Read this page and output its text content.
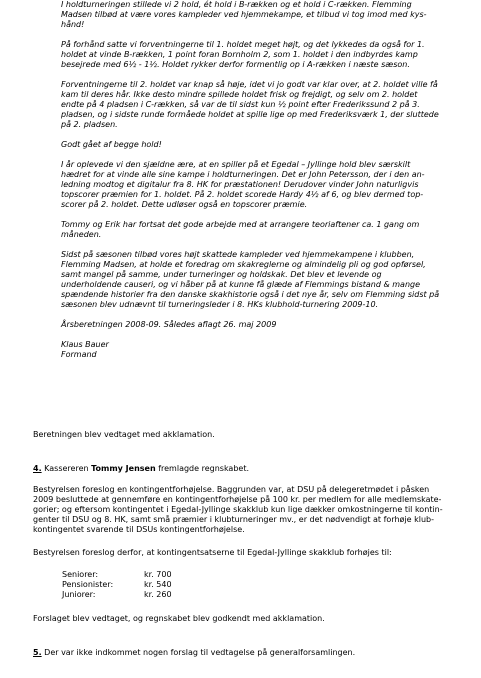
I holdturneringen stillede vi 2 hold, ét hold i B-rækken og et hold i C-rækken. Flemming Madsen tilbød at være vores kampleder ved hjemmekampe, et tilbud vi tog imod med kys-hånd!

På forhånd satte vi forventningerne til 1. holdet meget højt, og det lykkedes da også for 1. holdet at vinde B-rækken, 1 point foran Bornholm 2, som 1. holdet i den indbyrdes kamp besejrede med 6½ - 1½. Holdet rykker derfor formentlig op i A-rækken i næste sæson.

Forventningerne til 2. holdet var knap så høje, idet vi jo godt var klar over, at 2. holdet ville få kam til deres hår. Ikke desto mindre spillede holdet frisk og frejdigt, og selv om 2. holdet endte på 4 pladsen i C-rækken, så var de til sidst kun ½ point efter Frederikssund 2 på 3. pladsen, og i sidste runde formåede holdet at spille lige op med Frederiksværk 1, der sluttede på 2. pladsen.

Godt gået af begge hold!

I år oplevede vi den sjældne ære, at en spiller på et Egedal – Jyllinge hold blev særskilt hædret for at vinde alle sine kampe i holdturneringen. Det er John Petersson, der i den an-ledning modtog et digitalur fra 8. HK for præstationen! Derudover vinder John naturligvis topscorer præmien for 1. holdet. På 2. holdet scorede Hardy 4½ af 6, og blev dermed top-scorer på 2. holdet. Dette udløser også en topscorer præmie.

Tommy og Erik har fortsat det gode arbejde med at arrangere teoriaftener ca. 1 gang om måneden.

Sidst på sæsonen tilbød vores højt skattede kampleder ved hjemmekampene i klubben, Flemming Madsen, at holde et foredrag om skakreglerne og almindelig pli og god opførsel, samt mangel på samme, under turneringer og holdskak. Det blev et levende og underholdende causeri, og vi håber på at kunne få glæde af Flemmings bistand & mange spændende historier fra den danske skakhistorie også i det nye år, selv om Flemming sidst på sæsonen blev udnævnt til turneringsleder i 8. HKs klubhold-turnering 2009-10.

Årsberetningen 2008-09. Således aflagt 26. maj 2009

Klaus Bauer
Formand

Beretningen blev vedtaget med akklamation.

4. Kassereren Tommy Jensen fremlagde regnskabet.

Bestyrelsen foreslog en kontingentforhøjelse. Baggrunden var, at DSU på delegeretmødet i påsken 2009 besluttede at gennemføre en kontingentforhøjelse på 100 kr. per medlem for alle medlemskate-gorier; og eftersom kontingentet i Egedal-Jyllinge skakklub kun lige dækker omkostningerne til kontin-genter til DSU og 8. HK, samt små præmier i klubturneringer mv., er det nødvendigt at forhøje klub-kontingentet svarende til DSUs kontingentforhøjelse.

Bestyrelsen foreslog derfor, at kontingentsatserne til Egedal-Jyllinge skakklub forhøjes til:

Seniorer:	kr. 700
Pensionister:	kr. 540
Juniorer:	kr. 260

Forslaget blev vedtaget, og regnskabet blev godkendt med akklamation.

5. Der var ikke indkommet nogen forslag til vedtagelse på generalforsamlingen.
